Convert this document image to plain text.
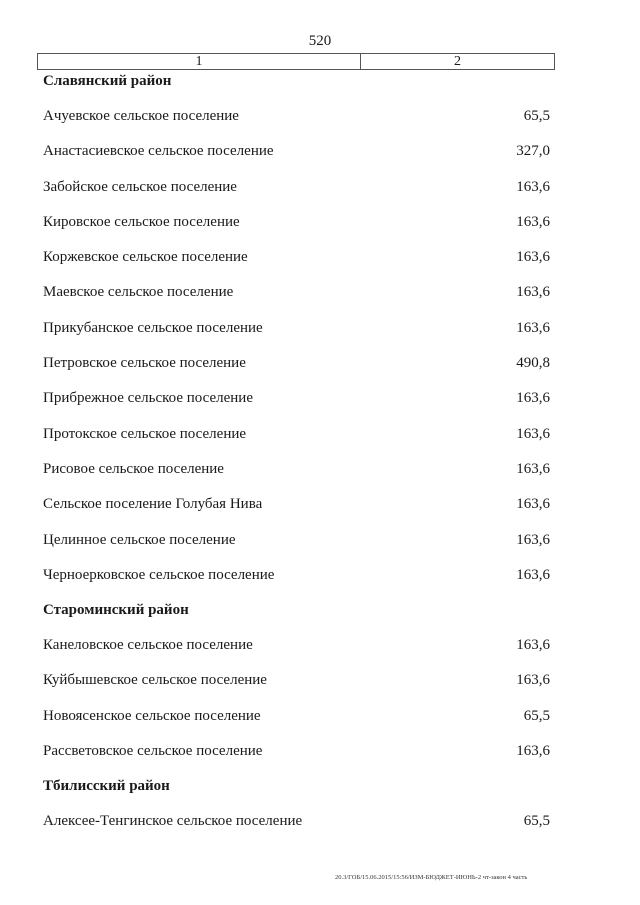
520
1	2
Славянский район
Ачуевское сельское поселение	65,5
Анастасиевское сельское поселение	327,0
Забойское сельское поселение	163,6
Кировское сельское поселение	163,6
Коржевское сельское поселение	163,6
Маевское сельское поселение	163,6
Прикубанское сельское поселение	163,6
Петровское сельское поселение	490,8
Прибрежное сельское поселение	163,6
Протокское сельское поселение	163,6
Рисовое сельское поселение	163,6
Сельское поселение Голубая Нива	163,6
Целинное сельское поселение	163,6
Черноерковское сельское поселение	163,6
Староминский район
Канеловское сельское поселение	163,6
Куйбышевское сельское поселение	163,6
Новоясенское сельское поселение	65,5
Рассветовское сельское поселение	163,6
Тбилисский район
Алексее-Тенгинское сельское поселение	65,5
20.3/ГОБ/15.06.2015/15:56/ИЗМ-БЮДЖЕТ-ИЮНЬ-2 чт-закон 4 часть
